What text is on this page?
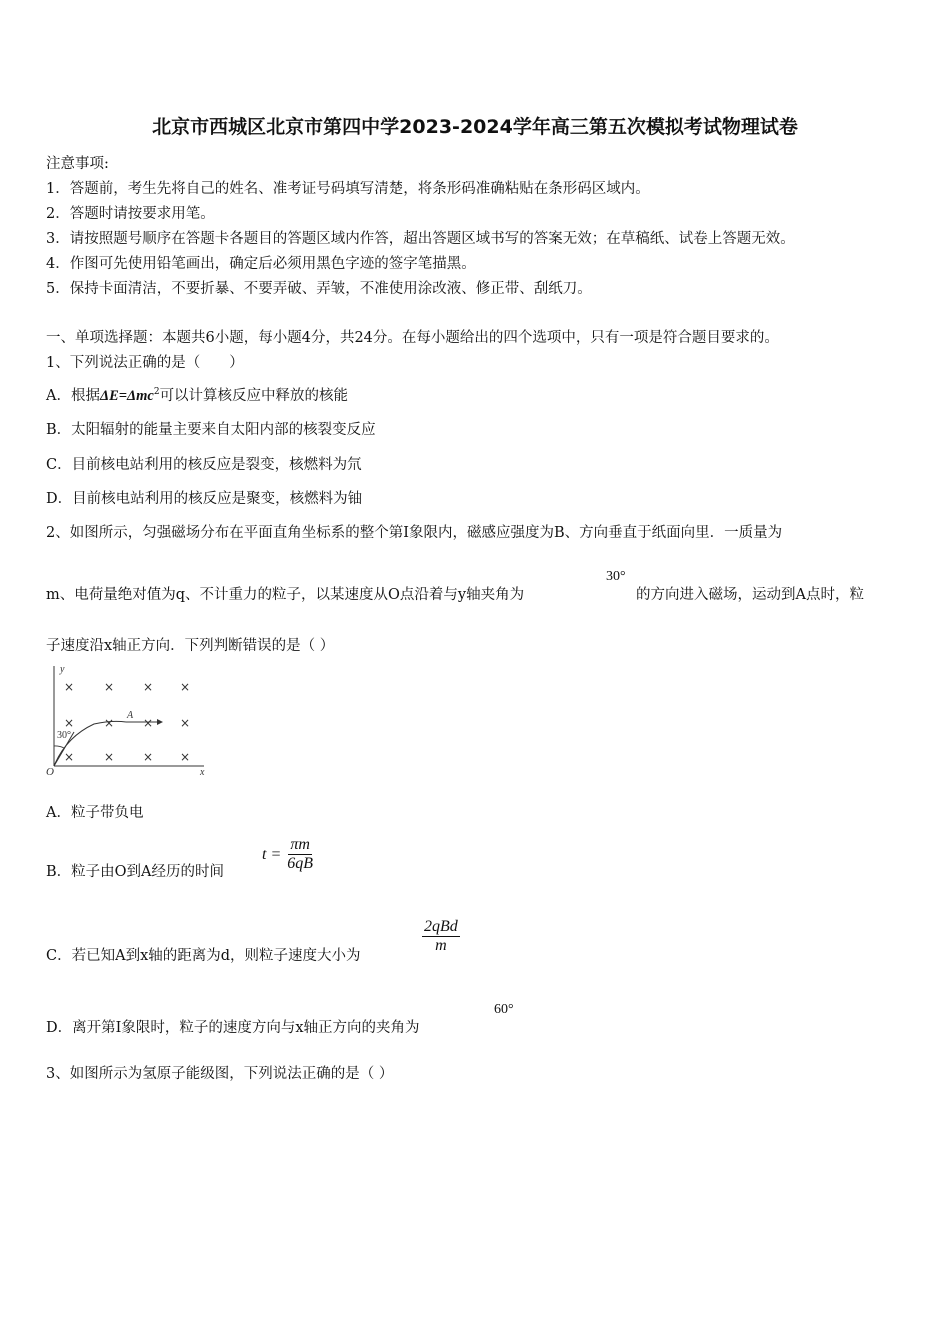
北京市西城区北京市第四中学2023-2024学年高三第五次模拟考试物理试卷
注意事项:
1．答题前，考生先将自己的姓名、准考证号码填写清楚，将条形码准确粘贴在条形码区域内。
2．答题时请按要求用笔。
3．请按照题号顺序在答题卡各题目的答题区域内作答，超出答题区域书写的答案无效；在草稿纸、试卷上答题无效。
4．作图可先使用铅笔画出，确定后必须用黑色字迹的签字笔描黑。
5．保持卡面清洁，不要折暴、不要弄破、弄皱，不准使用涂改液、修正带、刮纸刀。
一、单项选择题：本题共6小题，每小题4分，共24分。在每小题给出的四个选项中，只有一项是符合题目要求的。
1、下列说法正确的是（　　）
A．根据ΔE=Δmc$^2$可以计算核反应中释放的核能
B．太阳辐射的能量主要来自太阳内部的核裂变反应
C．目前核电站利用的核反应是裂变，核燃料为氘
D．目前核电站利用的核反应是聚变，核燃料为铀
2、如图所示，匀强磁场分布在平面直角坐标系的整个第Ⅰ象限内，磁感应强度为B、方向垂直于纸面向里．一质量为
m、电荷量绝对值为q、不计重力的粒子，以某速度从O点沿着与y轴夹角为
30°
的方向进入磁场，运动到A点时，粒
子速度沿x轴正方向．下列判断错误的是（ ）
y
x
O
× × × ×
× × × ×
× × × ×
A
30°
A．粒子带负电
B．粒子由O到A经历的时间
$t = \frac{\pi m}{6qB}$
C．若已知A到x轴的距离为d，则粒子速度大小为
$\frac{\text{2qBd}}{m}$
D．离开第Ⅰ象限时，粒子的速度方向与x轴正方向的夹角为
60°
3、如图所示为氢原子能级图，下列说法正确的是（ ）
